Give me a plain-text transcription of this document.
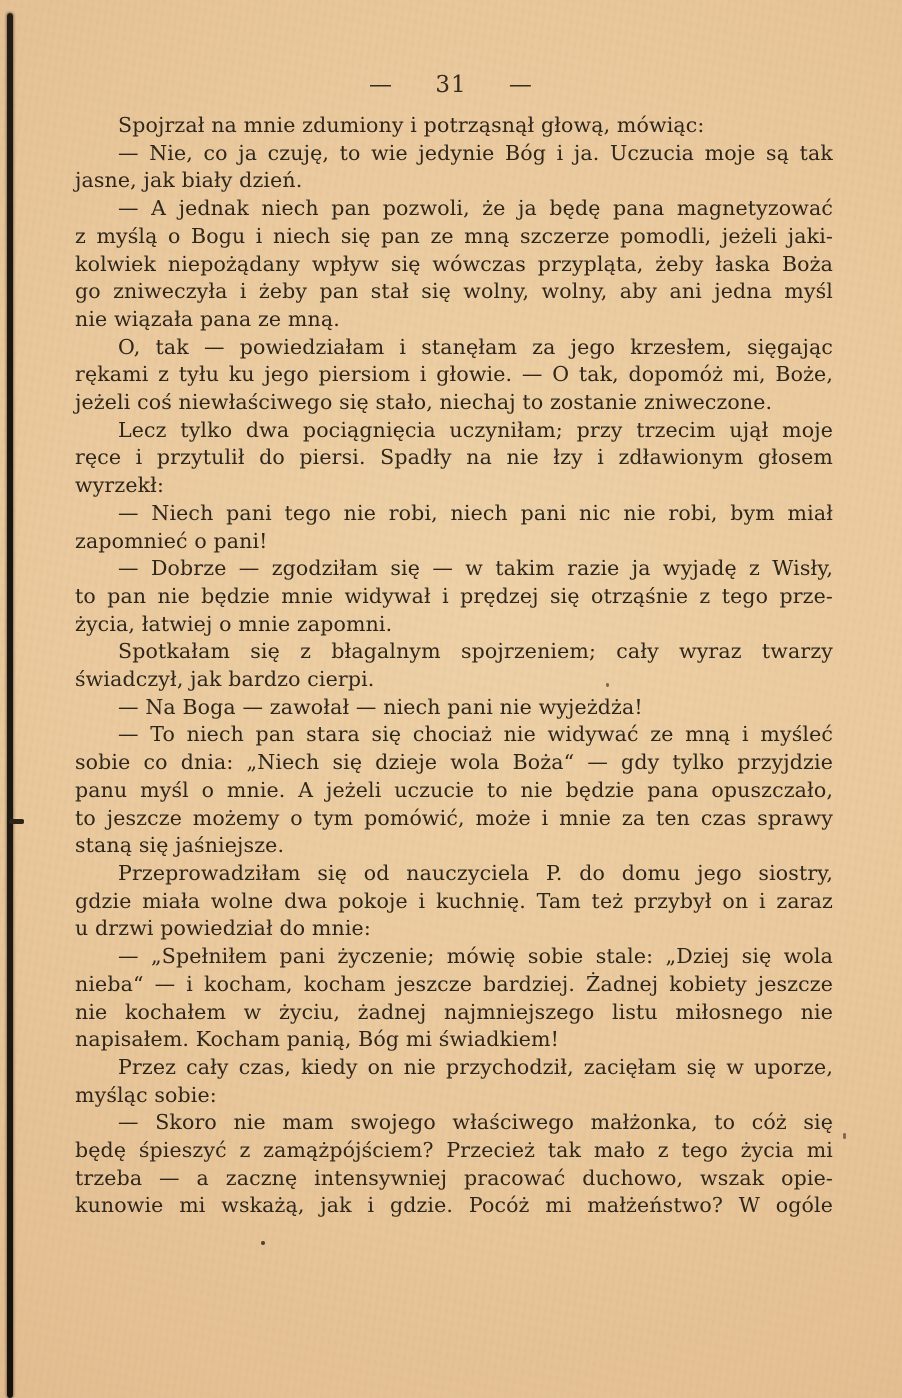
— 31 —

Spojrzał na mnie zdumiony i potrząsnął głową, mówiąc:

— Nie, co ja czuję, to wie jedynie Bóg i ja. Uczucia moje są tak
jasne, jak biały dzień.

— A jednak niech pan pozwoli, że ja będę pana magnetyzować
z myślą o Bogu i niech się pan ze mną szczerze pomodli, jeżeli jaki-
kolwiek niepożądany wpływ się wówczas przypląta, żeby łaska Boża
go zniweczyła i żeby pan stał się wolny, wolny, aby ani jedna myśl
nie wiązała pana ze mną.

O, tak — powiedziałam i stanęłam za jego krzesłem, sięgając
rękami z tyłu ku jego piersiom i głowie. — O tak, dopomóż mi, Boże,
jeżeli coś niewłaściwego się stało, niechaj to zostanie zniweczone.

Lecz tylko dwa pociągnięcia uczyniłam; przy trzecim ujął moje
ręce i przytulił do piersi. Spadły na nie łzy i zdławionym głosem
wyrzekł:

— Niech pani tego nie robi, niech pani nic nie robi, bym miał
zapomnieć o pani!

— Dobrze — zgodziłam się — w takim razie ja wyjadę z Wisły,
to pan nie będzie mnie widywał i prędzej się otrząśnie z tego prze-
życia, łatwiej o mnie zapomni.

Spotkałam się z błagalnym spojrzeniem; cały wyraz twarzy
świadczył, jak bardzo cierpi.

— Na Boga — zawołał — niech pani nie wyjeżdża!

— To niech pan stara się chociaż nie widywać ze mną i myśleć
sobie co dnia: „Niech się dzieje wola Boża“ — gdy tylko przyjdzie
panu myśl o mnie. A jeżeli uczucie to nie będzie pana opuszczało,
to jeszcze możemy o tym pomówić, może i mnie za ten czas sprawy
staną się jaśniejsze.

Przeprowadziłam się od nauczyciela P. do domu jego siostry,
gdzie miała wolne dwa pokoje i kuchnię. Tam też przybył on i zaraz
u drzwi powiedział do mnie:

— „Spełniłem pani życzenie; mówię sobie stale: „Dziej się wola
nieba“ — i kocham, kocham jeszcze bardziej. Żadnej kobiety jeszcze
nie kochałem w życiu, żadnej najmniejszego listu miłosnego nie
napisałem. Kocham panią, Bóg mi świadkiem!

Przez cały czas, kiedy on nie przychodził, zacięłam się w uporze,
myśląc sobie:

— Skoro nie mam swojego właściwego małżonka, to cóż się
będę śpieszyć z zamążpójściem? Przecież tak mało z tego życia mi
trzeba — a zacznę intensywniej pracować duchowo, wszak opie-
kunowie mi wskażą, jak i gdzie. Pocóż mi małżeństwo? W ogóle
